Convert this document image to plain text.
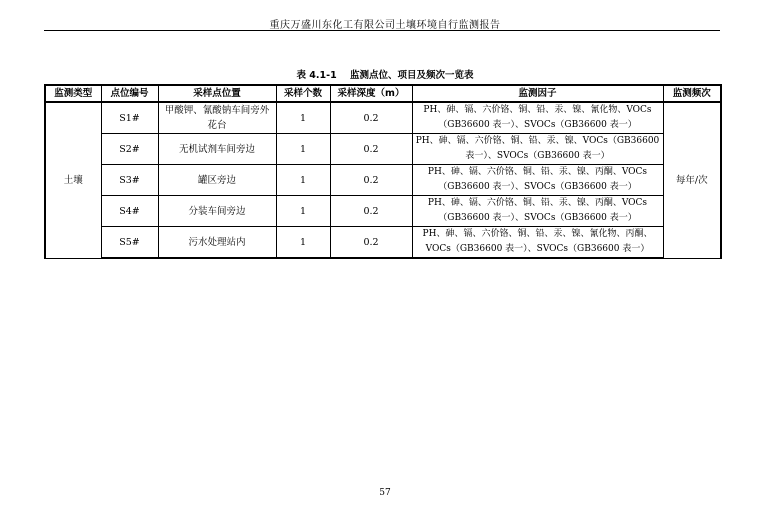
重庆万盛川东化工有限公司土壤环境自行监测报告
表 4.1-1 监测点位、项目及频次一览表
监测类型	点位编号	采样点位置	采样个数	采样深度（m）	监测因子	监测频次
土壤	S1#	甲酸钾、氰酸钠车间旁外花台	1	0.2	PH、砷、镉、六价铬、铜、铅、汞、镍、氰化物、VOCs（GB36600 表一）、SVOCs（GB36600 表一）	每年/次
	S2#	无机试剂车间旁边	1	0.2	PH、砷、镉、六价铬、铜、铅、汞、镍、VOCs（GB36600 表一）、SVOCs（GB36600 表一）	
	S3#	罐区旁边	1	0.2	PH、砷、镉、六价铬、铜、铅、汞、镍、丙酮、VOCs（GB36600 表一）、SVOCs（GB36600 表一）	
	S4#	分装车间旁边	1	0.2	PH、砷、镉、六价铬、铜、铅、汞、镍、丙酮、VOCs（GB36600 表一）、SVOCs（GB36600 表一）	
	S5#	污水处理站内	1	0.2	PH、砷、镉、六价铬、铜、铅、汞、镍、氰化物、丙酮、VOCs（GB36600 表一）、SVOCs（GB36600 表一）	
57
